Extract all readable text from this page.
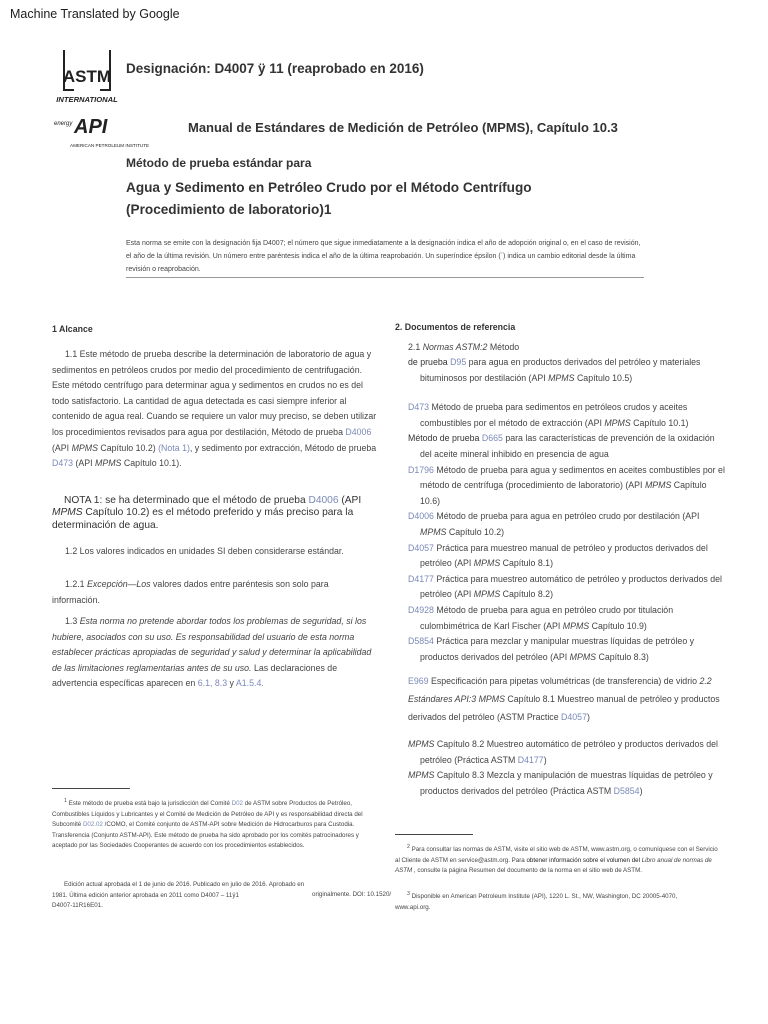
Machine Translated by Google
ASTM
INTERNATIONAL
energy API
AMERICAN PETROLEUM INSTITUTE
Designación: D4007 ÿ 11 (reaprobado en 2016)
Manual de Estándares de Medición de Petróleo (MPMS), Capítulo 10.3
Método de prueba estándar para
Agua y Sedimento en Petróleo Crudo por el Método Centrífugo
(Procedimiento de laboratorio)1
Esta norma se emite con la designación fija D4007; el número que sigue inmediatamente a la designación indica el año de adopción original o, en el caso de revisión, el año de la última revisión. Un número entre paréntesis indica el año de la última reaprobación. Un superíndice épsilon (´) indica un cambio editorial desde la última revisión o reaprobación.
1 Alcance
1.1 Este método de prueba describe la determinación de laboratorio de agua y sedimentos en petróleos crudos por medio del procedimiento de centrifugación. Este método centrífugo para determinar agua y sedimentos en crudos no es del todo satisfactorio. La cantidad de agua detectada es casi siempre inferior al contenido de agua real. Cuando se requiere un valor muy preciso, se deben utilizar los procedimientos revisados para agua por destilación, Método de prueba D4006 (API MPMS Capítulo 10.2) (Nota 1), y sedimento por extracción, Método de prueba D473 (API MPMS Capítulo 10.1).
NOTA 1: se ha determinado que el método de prueba D4006 (API MPMS Capítulo 10.2) es el método preferido y más preciso para la determinación de agua.
1.2 Los valores indicados en unidades SI deben considerarse estándar.
1.2.1 Excepción—Los valores dados entre paréntesis son solo para información.
1.3 Esta norma no pretende abordar todos los problemas de seguridad, si los hubiere, asociados con su uso. Es responsabilidad del usuario de esta norma establecer prácticas apropiadas de seguridad y salud y determinar la aplicabilidad de las limitaciones reglamentarias antes de su uso. Las declaraciones de advertencia específicas aparecen en 6.1, 8.3 y A1.5.4.
$^1$ Este método de prueba está bajo la jurisdicción del Comité D02 de ASTM sobre Productos de Petróleo, Combustibles Líquidos y Lubricantes y el Comité de Medición de Petróleo de API y es responsabilidad directa del Subcomité D02.02 /COMO, el Comité conjunto de ASTM-API sobre Medición de Hidrocarburos para Custodia. Transferencia (Conjunto ASTM-API). Este método de prueba ha sido aprobado por los comités patrocinadores y aceptado por las Sociedades Cooperantes de acuerdo con los procedimientos establecidos.
Edición actual aprobada el 1 de junio de 2016. Publicado en julio de 2016. Aprobado en 1981. Última edición anterior aprobada en 2011 como D4007 – 11ÿ1
D4007-11R16E01.
originalmente. DOI: 10.1520/
2. Documentos de referencia
2.1 Normas ASTM:2 Método
de prueba D95 para agua en productos derivados del petróleo y materiales bituminosos por destilación (API MPMS Capítulo 10.5)
D473 Método de prueba para sedimentos en petróleos crudos y aceites combustibles por el método de extracción (API MPMS Capítulo 10.1)
Método de prueba D665 para las características de prevención de la oxidación del aceite mineral inhibido en presencia de agua
D1796 Método de prueba para agua y sedimentos en aceites combustibles por el método de centrífuga (procedimiento de laboratorio) (API MPMS Capítulo 10.6)
D4006 Método de prueba para agua en petróleo crudo por destilación (API MPMS Capítulo 10.2)
D4057 Práctica para muestreo manual de petróleo y productos derivados del petróleo (API MPMS Capítulo 8.1)
D4177 Práctica para muestreo automático de petróleo y productos derivados del petróleo (API MPMS Capítulo 8.2)
D4928 Método de prueba para agua en petróleo crudo por titulación culombimétrica de Karl Fischer (API MPMS Capítulo 10.9)
D5854 Práctica para mezclar y manipular muestras líquidas de petróleo y productos derivados del petróleo (API MPMS Capítulo 8.3)
E969 Especificación para pipetas volumétricas (de transferencia) de vidrio 2.2 Estándares API:3 MPMS Capítulo 8.1 Muestreo manual de petróleo y productos derivados del petróleo (ASTM Practice D4057)
MPMS Capítulo 8.2 Muestreo automático de petróleo y productos derivados del petróleo (Práctica ASTM D4177)
MPMS Capítulo 8.3 Mezcla y manipulación de muestras líquidas de petróleo y productos derivados del petróleo (Práctica ASTM D5854)
$^2$ Para consultar las normas de ASTM, visite el sitio web de ASTM, www.astm.org, o comuníquese con el Servicio al Cliente de ASTM en service@astm.org. Para obtener información sobre el volumen del Libro anual de normas de ASTM , consulte la página Resumen del documento de la norma en el sitio web de ASTM.
$^3$ Disponible en American Petroleum Institute (API), 1220 L. St., NW, Washington, DC 20005-4070, www.api.org.
